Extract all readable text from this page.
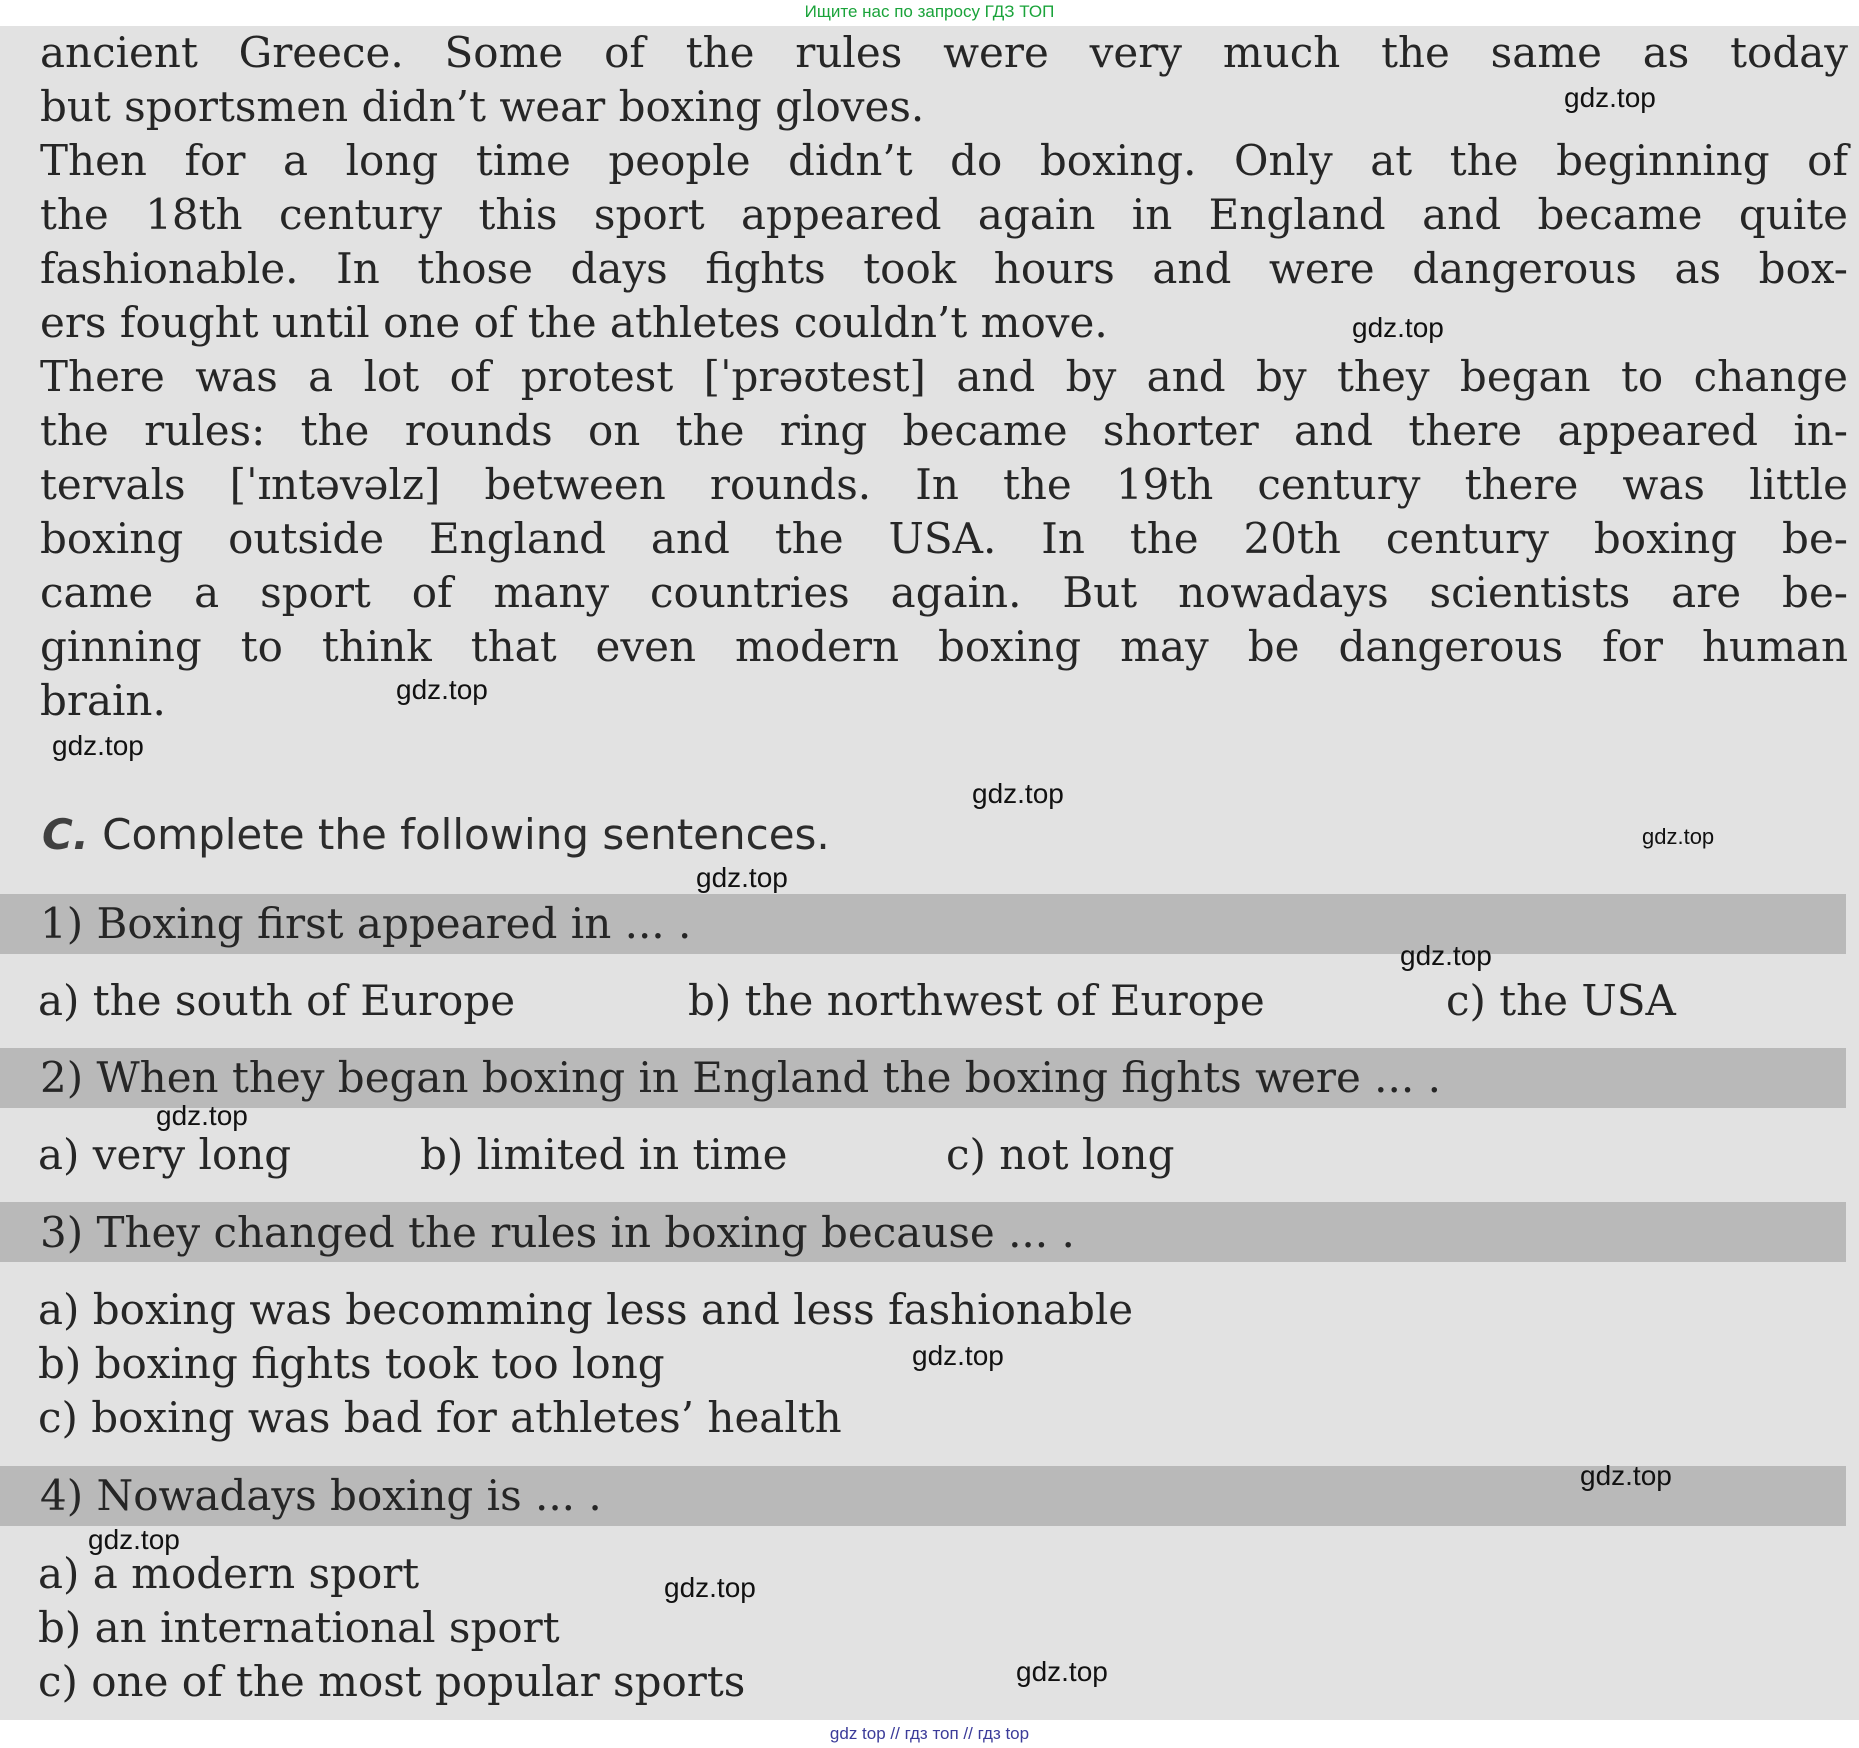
Ищите нас по запросу ГДЗ ТОП
ancient Greece. Some of the rules were very much the same as today
but sportsmen didn’t wear boxing gloves.
Then for a long time people didn’t do boxing. Only at the beginning of
the 18th century this sport appeared again in England and became quite
fashionable. In those days fights took hours and were dangerous as box-
ers fought until one of the athletes couldn’t move.
There was a lot of protest [ˈprəʊtest] and by and by they began to change
the rules: the rounds on the ring became shorter and there appeared in-
tervals [ˈɪntəvəlz] between rounds. In the 19th century there was little
boxing outside England and the USA. In the 20th century boxing be-
came a sport of many countries again. But nowadays scientists are be-
ginning to think that even modern boxing may be dangerous for human
brain.
C. Complete the following sentences.
1) Boxing first appeared in ... .
a) the south of Europe	b) the northwest of Europe	c) the USA
2) When they began boxing in England the boxing fights were ... .
a) very long	b) limited in time	c) not long
3) They changed the rules in boxing because ... .
a) boxing was becomming less and less fashionable
b) boxing fights took too long
c) boxing was bad for athletes’ health
4) Nowadays boxing is ... .
a) a modern sport
b) an international sport
c) one of the most popular sports
gdz.top
gdz.top
gdz.top
gdz.top
gdz.top
gdz.top
gdz.top
gdz.top
gdz.top
gdz.top
gdz.top
gdz.top
gdz.top
gdz.top
gdz top // гдз топ // гдз top
